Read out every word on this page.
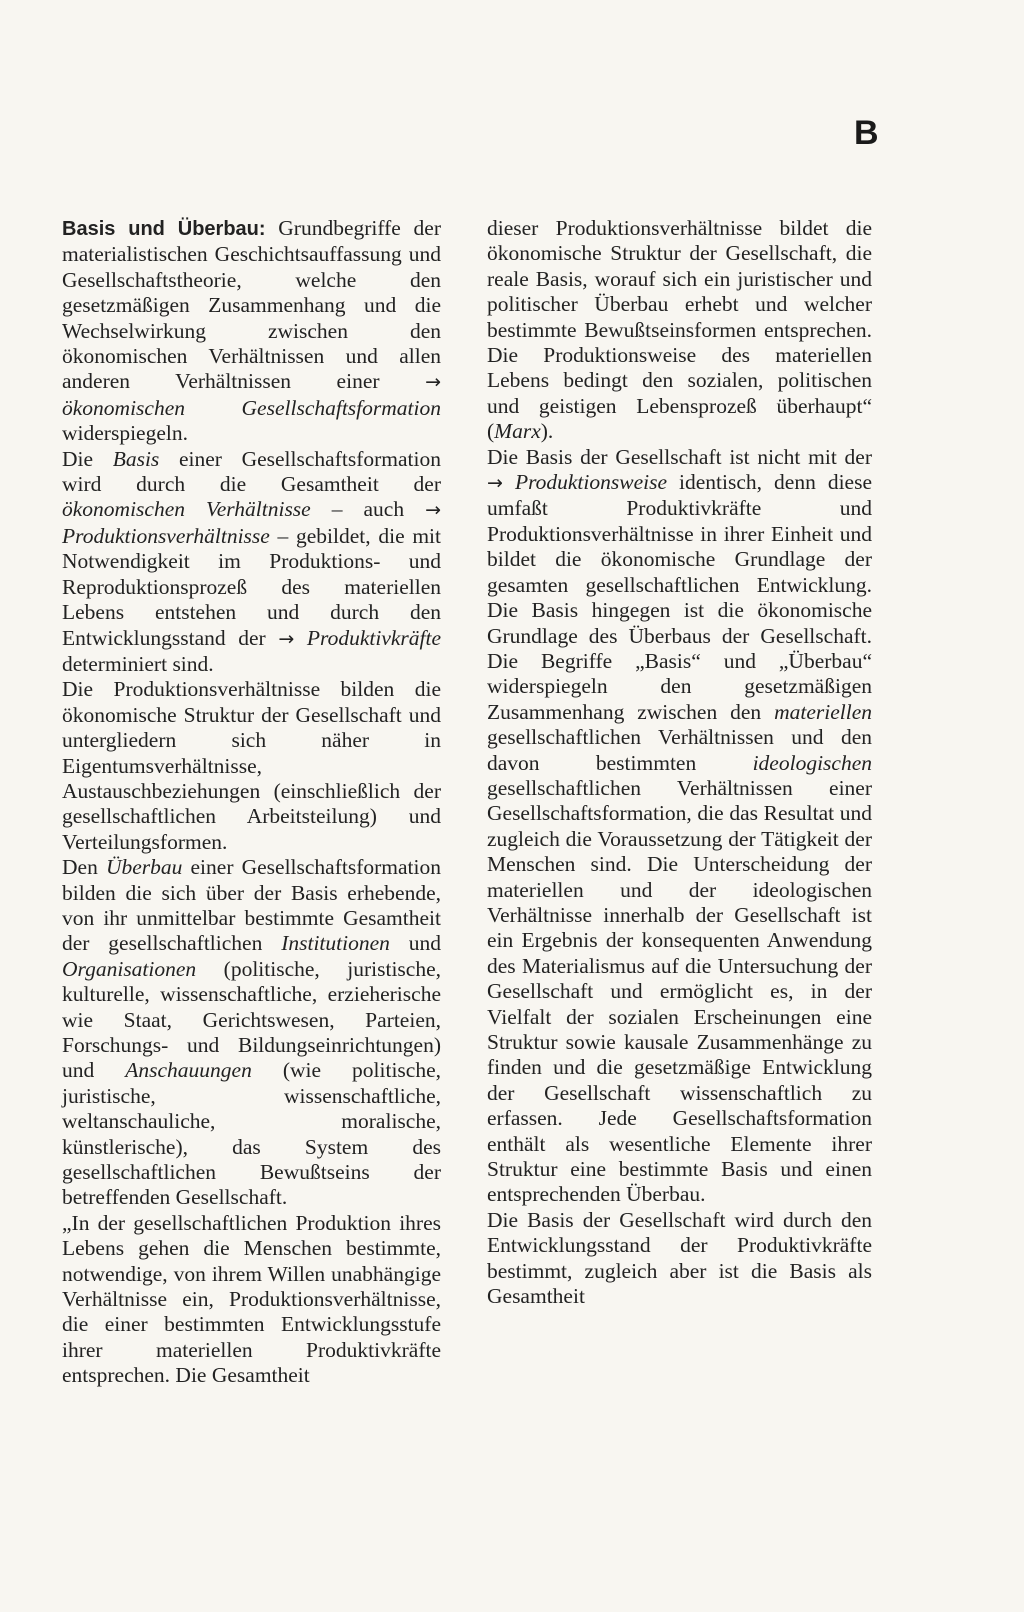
B

Basis und Überbau: Grundbegriffe der materialistischen Geschichtsauffassung und Gesellschaftstheorie, welche den gesetzmäßigen Zusammenhang und die Wechselwirkung zwischen den ökonomischen Verhältnissen und allen anderen Verhältnissen einer → ökonomischen Gesellschaftsformation widerspiegeln.

Die Basis einer Gesellschaftsformation wird durch die Gesamtheit der ökonomischen Verhältnisse – auch → Produktionsverhältnisse – gebildet, die mit Notwendigkeit im Produktions- und Reproduktionsprozeß des materiellen Lebens entstehen und durch den Entwicklungsstand der → Produktivkräfte determiniert sind.

Die Produktionsverhältnisse bilden die ökonomische Struktur der Gesellschaft und untergliedern sich näher in Eigentumsverhältnisse, Austauschbeziehungen (einschließlich der gesellschaftlichen Arbeitsteilung) und Verteilungsformen.

Den Überbau einer Gesellschaftsformation bilden die sich über der Basis erhebende, von ihr unmittelbar bestimmte Gesamtheit der gesellschaftlichen Institutionen und Organisationen (politische, juristische, kulturelle, wissenschaftliche, erzieherische wie Staat, Gerichtswesen, Parteien, Forschungs- und Bildungseinrichtungen) und Anschauungen (wie politische, juristische, wissenschaftliche, weltanschauliche, moralische, künstlerische), das System des gesellschaftlichen Bewußtseins der betreffenden Gesellschaft.

„In der gesellschaftlichen Produktion ihres Lebens gehen die Menschen bestimmte, notwendige, von ihrem Willen unabhängige Verhältnisse ein, Produktionsverhältnisse, die einer bestimmten Entwicklungsstufe ihrer materiellen Produktivkräfte entsprechen. Die Gesamtheit

dieser Produktionsverhältnisse bildet die ökonomische Struktur der Gesellschaft, die reale Basis, worauf sich ein juristischer und politischer Überbau erhebt und welcher bestimmte Bewußtseinsformen entsprechen. Die Produktionsweise des materiellen Lebens bedingt den sozialen, politischen und geistigen Lebensprozeß überhaupt“ (Marx).

Die Basis der Gesellschaft ist nicht mit der → Produktionsweise identisch, denn diese umfaßt Produktivkräfte und Produktionsverhältnisse in ihrer Einheit und bildet die ökonomische Grundlage der gesamten gesellschaftlichen Entwicklung. Die Basis hingegen ist die ökonomische Grundlage des Überbaus der Gesellschaft. Die Begriffe „Basis“ und „Überbau“ widerspiegeln den gesetzmäßigen Zusammenhang zwischen den materiellen gesellschaftlichen Verhältnissen und den davon bestimmten	ideologischen gesellschaftlichen Verhältnissen einer Gesellschaftsformation, die das Resultat und zugleich die Voraussetzung der Tätigkeit der Menschen sind. Die Unterscheidung der materiellen und der ideologischen Verhältnisse innerhalb der Gesellschaft ist ein Ergebnis der konsequenten Anwendung des Materialismus auf die Untersuchung der Gesellschaft und ermöglicht es, in der Vielfalt der sozialen Erscheinungen eine Struktur sowie kausale Zusammenhänge zu finden und die gesetzmäßige Entwicklung der Gesellschaft wissenschaftlich zu erfassen. Jede Gesellschaftsformation enthält als wesentliche Elemente ihrer Struktur eine bestimmte Basis und einen entsprechenden Überbau.

Die Basis der Gesellschaft wird durch den Entwicklungsstand der Produktivkräfte bestimmt, zugleich aber ist die Basis als Gesamtheit
